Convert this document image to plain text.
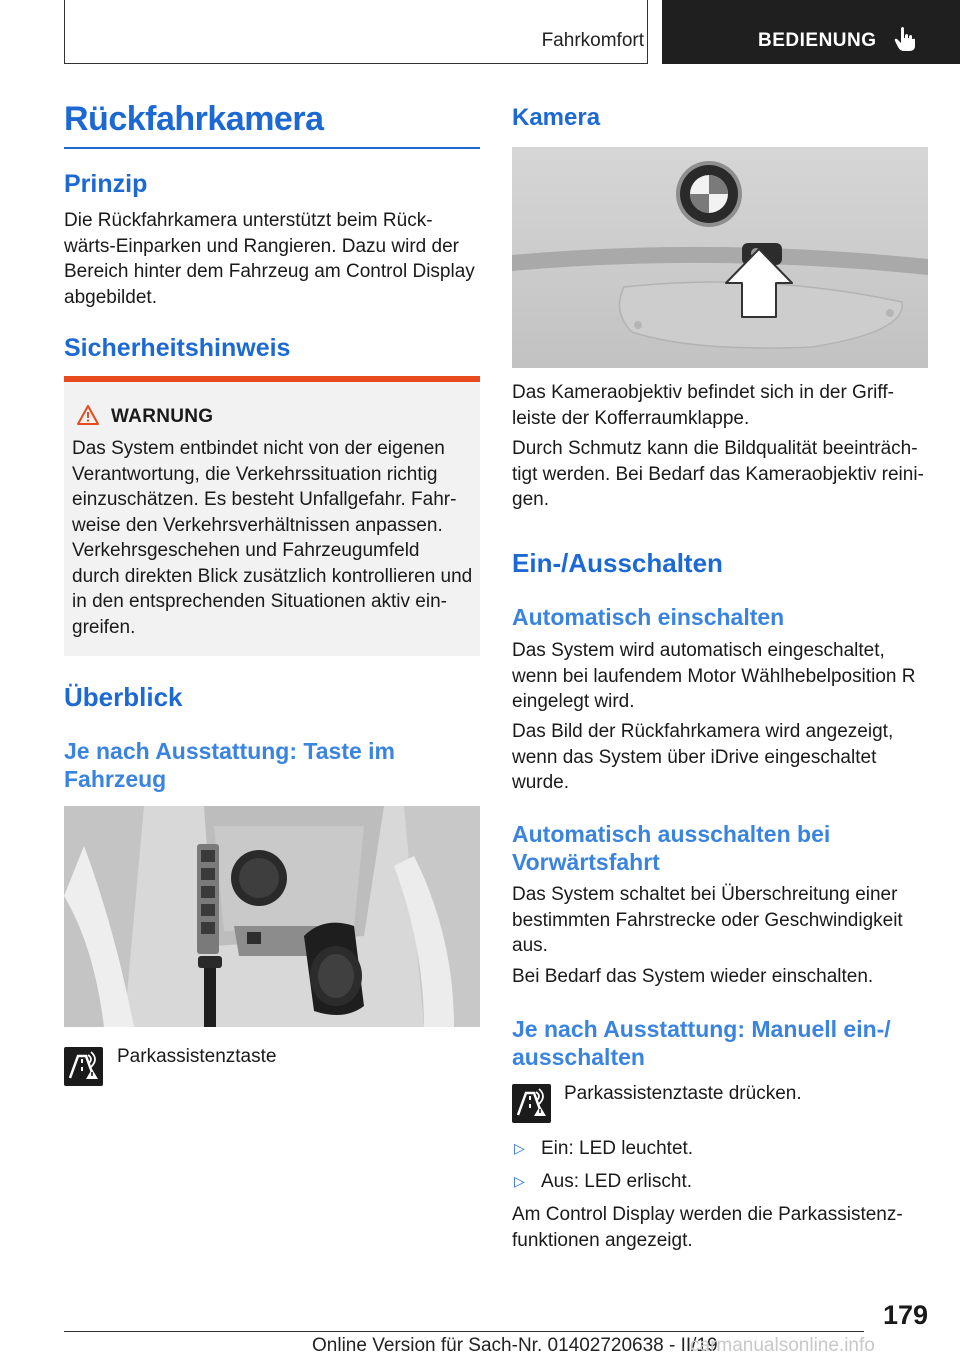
Fahrkomfort	BEDIENUNG
Rückfahrkamera
Prinzip
Die Rückfahrkamera unterstützt beim Rück‐
wärts‐Einparken und Rangieren. Dazu wird der
Bereich hinter dem Fahrzeug am Control Display
abgebildet.
Sicherheitshinweis
WARNUNG
Das System entbindet nicht von der eigenen
Verantwortung, die Verkehrssituation richtig
einzuschätzen. Es besteht Unfallgefahr. Fahr‐
weise den Verkehrsverhältnissen anpassen.
Verkehrsgeschehen und Fahrzeugumfeld
durch direkten Blick zusätzlich kontrollieren und
in den entsprechenden Situationen aktiv ein‐
greifen.
Überblick
Je nach Ausstattung: Taste im
Fahrzeug
Parkassistenztaste
Kamera
Das Kameraobjektiv befindet sich in der Griff‐
leiste der Kofferraumklappe.
Durch Schmutz kann die Bildqualität beeinträch‐
tigt werden. Bei Bedarf das Kameraobjektiv reini‐
gen.
Ein‐/Ausschalten
Automatisch einschalten
Das System wird automatisch eingeschaltet,
wenn bei laufendem Motor Wählhebelposition R
eingelegt wird.
Das Bild der Rückfahrkamera wird angezeigt,
wenn das System über iDrive eingeschaltet
wurde.
Automatisch ausschalten bei
Vorwärtsfahrt
Das System schaltet bei Überschreitung einer
bestimmten Fahrstrecke oder Geschwindigkeit
aus.
Bei Bedarf das System wieder einschalten.
Je nach Ausstattung: Manuell ein‐/
ausschalten
Parkassistenztaste drücken.
▷ Ein: LED leuchtet.
▷ Aus: LED erlischt.
Am Control Display werden die Parkassistenz‐
funktionen angezeigt.
179
Online Version für Sach-Nr. 01402720638 - II/19
carmanualsonline.info
